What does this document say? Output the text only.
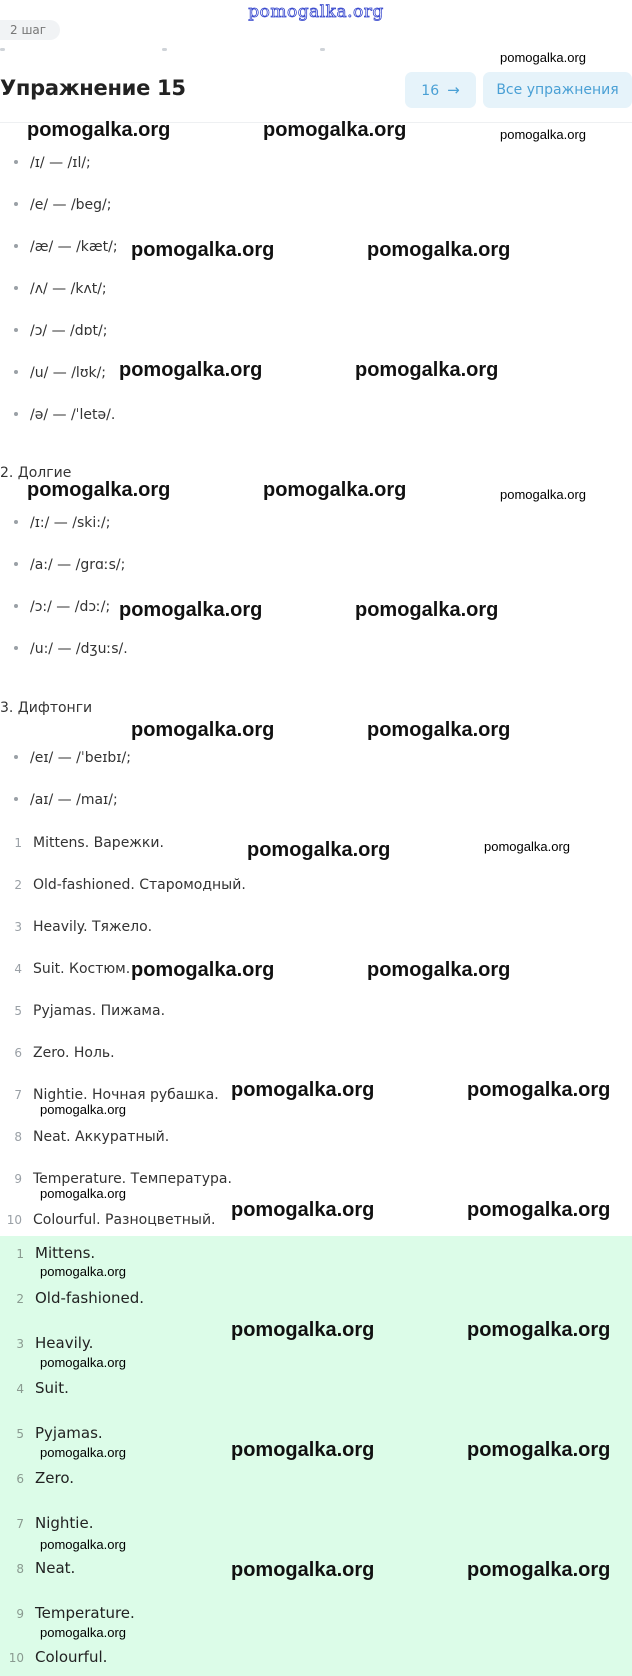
pomogalka.org
2 шаг
Упражнение 15	16 →	Все упражнения
/ɪ/ — /ɪl/;
/e/ — /beg/;
/æ/ — /kæt/;
/ʌ/ — /kʌt/;
/ɔ/ — /dɒt/;
/u/ — /lʊk/;
/ə/ — /ˈletə/.
2. Долгие
/ɪ:/ — /ski:/;
/a:/ — /grɑːs/;
/ɔ:/ — /dɔː/;
/u:/ — /dʒuːs/.
3. Дифтонги
/eɪ/ — /ˈbeɪbɪ/;
/aɪ/ — /maɪ/;
1 Mittens. Варежки.
2 Old-fashioned. Старомодный.
3 Heavily. Тяжело.
4 Suit. Костюм.
5 Pyjamas. Пижама.
6 Zero. Ноль.
7 Nightie. Ночная рубашка.
8 Neat. Аккуратный.
9 Temperature. Температура.
10 Colourful. Разноцветный.
1 Mittens.
2 Old-fashioned.
3 Heavily.
4 Suit.
5 Pyjamas.
6 Zero.
7 Nightie.
8 Neat.
9 Temperature.
10 Colourful.
pomogalka.org
pomogalka.org	pomogalka.org	pomogalka.org
pomogalka.org	pomogalka.org
pomogalka.org	pomogalka.org
pomogalka.org	pomogalka.org	pomogalka.org
pomogalka.org	pomogalka.org
pomogalka.org	pomogalka.org
pomogalka.org	pomogalka.org
pomogalka.org	pomogalka.org
pomogalka.org	pomogalka.org
pomogalka.org
pomogalka.org
pomogalka.org	pomogalka.org
pomogalka.org
pomogalka.org	pomogalka.org
pomogalka.org
pomogalka.org	pomogalka.org
pomogalka.org
pomogalka.org
pomogalka.org	pomogalka.org
pomogalka.org
